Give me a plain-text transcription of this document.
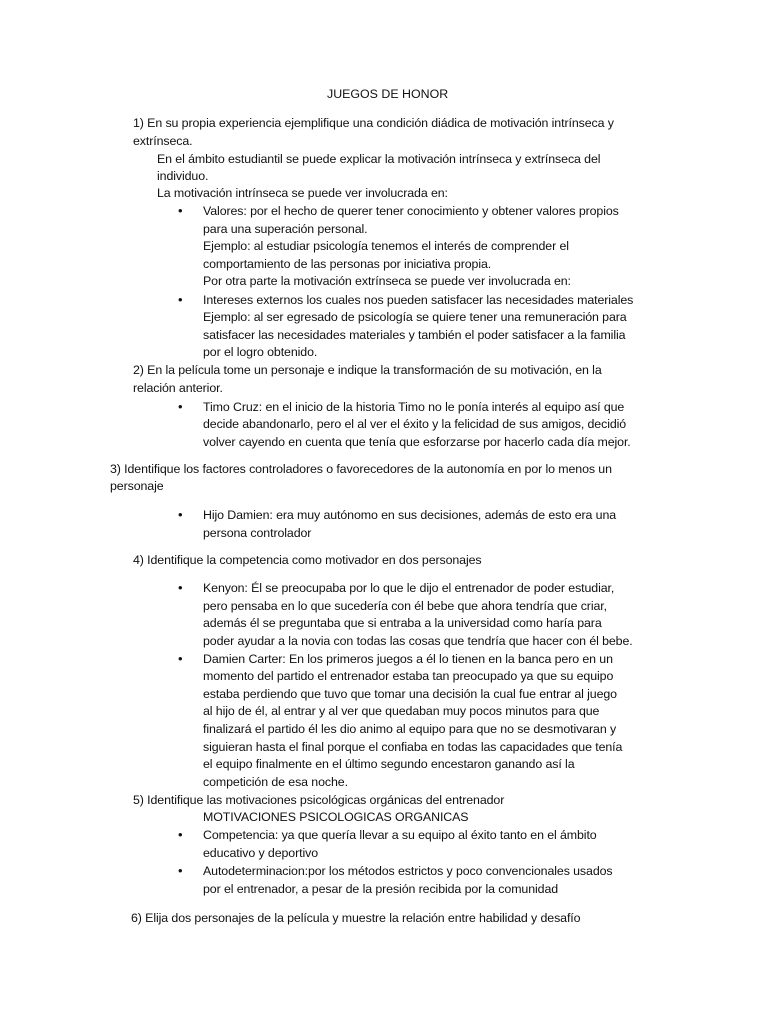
JUEGOS DE HONOR
1) En su propia experiencia ejemplifique una condición diádica de motivación intrínseca y
extrínseca.
En el ámbito estudiantil se puede explicar la motivación intrínseca y extrínseca del
individuo.
La motivación intrínseca se puede ver involucrada en:
• Valores: por el hecho de querer tener conocimiento y obtener valores propios
para una superación personal.
Ejemplo: al estudiar psicología tenemos el interés de comprender el
comportamiento de las personas por iniciativa propia.
Por otra parte la motivación extrínseca se puede ver involucrada en:
• Intereses externos los cuales nos pueden satisfacer las necesidades materiales
Ejemplo: al ser egresado de psicología se quiere tener una remuneración para
satisfacer las necesidades materiales y también el poder satisfacer a la familia
por el logro obtenido.
2) En la película tome un personaje e indique la transformación de su motivación, en la
relación anterior.
• Timo Cruz: en el inicio de la historia Timo no le ponía interés al equipo así que
decide abandonarlo, pero el al ver el éxito y la felicidad de sus amigos, decidió
volver cayendo en cuenta que tenía que esforzarse por hacerlo cada día mejor.
3) Identifique los factores controladores o favorecedores de la autonomía en por lo menos un
personaje
• Hijo Damien: era muy autónomo en sus decisiones, además de esto era una
persona controlador
4) Identifique la competencia como motivador en dos personajes
• Kenyon: Él se preocupaba por lo que le dijo el entrenador de poder estudiar,
pero pensaba en lo que sucedería con él bebe que ahora tendría que criar,
además él se preguntaba que si entraba a la universidad como haría para
poder ayudar a la novia con todas las cosas que tendría que hacer con él bebe.
• Damien Carter: En los primeros juegos a él lo tienen en la banca pero en un
momento del partido el entrenador estaba tan preocupado ya que su equipo
estaba perdiendo que tuvo que tomar una decisión la cual fue entrar al juego
al hijo de él, al entrar y al ver que quedaban muy pocos minutos para que
finalizará el partido él les dio animo al equipo para que no se desmotivaran y
siguieran hasta el final porque el confiaba en todas las capacidades que tenía
el equipo finalmente en el último segundo encestaron ganando así la
competición de esa noche.
5) Identifique las motivaciones psicológicas orgánicas del entrenador
MOTIVACIONES PSICOLOGICAS ORGANICAS
• Competencia: ya que quería llevar a su equipo al éxito tanto en el ámbito
educativo y deportivo
• Autodeterminacion:por los métodos estrictos y poco convencionales usados
por el entrenador, a pesar de la presión recibida por la comunidad
6) Elija dos personajes de la película y muestre la relación entre habilidad y desafío
